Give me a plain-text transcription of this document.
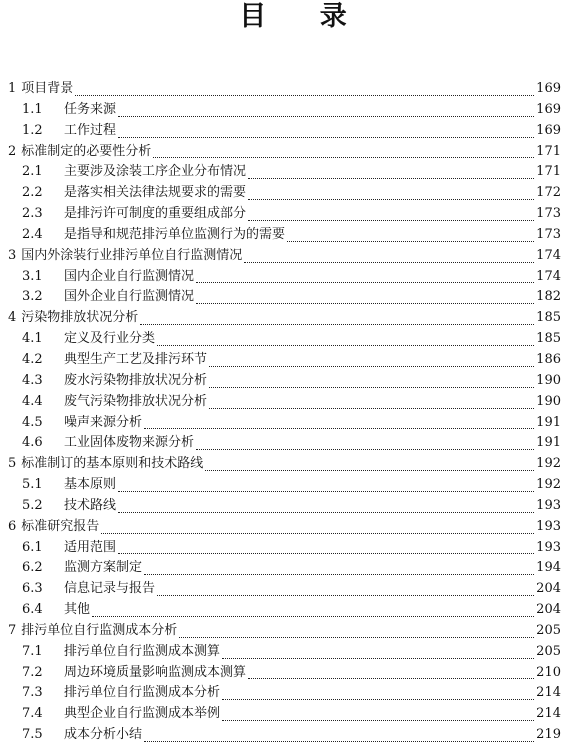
目 录
1 项目背景	169
1.1	任务来源	169
1.2	工作过程	169
2 标准制定的必要性分析	171
2.1	主要涉及涂装工序企业分布情况	171
2.2	是落实相关法律法规要求的需要	172
2.3	是排污许可制度的重要组成部分	173
2.4	是指导和规范排污单位监测行为的需要	173
3 国内外涂装行业排污单位自行监测情况	174
3.1	国内企业自行监测情况	174
3.2	国外企业自行监测情况	182
4 污染物排放状况分析	185
4.1	定义及行业分类	185
4.2	典型生产工艺及排污环节	186
4.3	废水污染物排放状况分析	190
4.4	废气污染物排放状况分析	190
4.5	噪声来源分析	191
4.6	工业固体废物来源分析	191
5 标准制订的基本原则和技术路线	192
5.1	基本原则	192
5.2	技术路线	193
6 标准研究报告	193
6.1	适用范围	193
6.2	监测方案制定	194
6.3	信息记录与报告	204
6.4	其他	204
7 排污单位自行监测成本分析	205
7.1	排污单位自行监测成本测算	205
7.2	周边环境质量影响监测成本测算	210
7.3	排污单位自行监测成本分析	214
7.4	典型企业自行监测成本举例	214
7.5	成本分析小结	219
